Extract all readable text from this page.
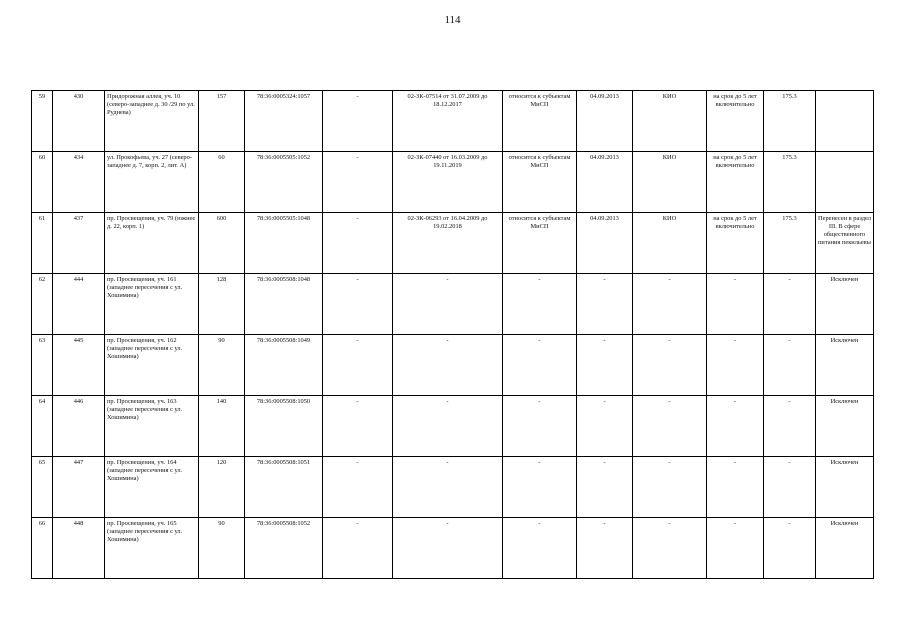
114
59	430	Придорожная аллея, уч. 10 (северо-западнее д. 30 /29 по ул. Руднева)	157	78:36:0005324:1057	-	02-ЗК-07514 от 31.07.2009 до 18.12.2017	относится к субъектам МиСП	04.09.2013	КИО	на срок до 5 лет включительно	175.3	
60	434	ул. Прокофьева, уч. 27 (северо-западнее д. 7, корп. 2, лит. А)	60	78:36:0005505:1052	-	02-ЗК-07440 от 16.03.2009 до 19.11.2019	относится к субъектам МиСП	04.09.2013	КИО	на срок до 5 лет включительно	175.3	
61	437	пр. Просвещения, уч. 79 (южнее д. 22, корп. 1)	600	78:36:0005505:1048	-	02-ЗК-06293 от 16.04.2009 до 19.02.2018	относится к субъектам МиСП	04.09.2013	КИО	на срок до 5 лет включительно	175.3	Перенесен в раздел III. В сфере общественного питания пекильевы
62	444	пр. Просвещения, уч. 161 (западнее пересечения с ул. Хошимина)	128	78:36:0005508:1048	-	-	-	-	-	-	-	Исключен
63	445	пр. Просвещения, уч. 162 (западнее пересечения с ул. Хошимина)	90	78:36:0005508:1049	-	-	-	-	-	-	-	Исключен
64	446	пр. Просвещения, уч. 163 (западнее пересечения с ул. Хошимина)	140	78:36:0005508:1050	-	-	-	-	-	-	-	Исключен
65	447	пр. Просвещения, уч. 164 (западнее пересечения с ул. Хошимина)	120	78:36:0005508:1051	-	-	-	-	-	-	-	Исключен
66	448	пр. Просвещения, уч. 165 (западнее пересечения с ул. Хошимина)	90	78:36:0005508:1052	-	-	-	-	-	-	-	Исключен
